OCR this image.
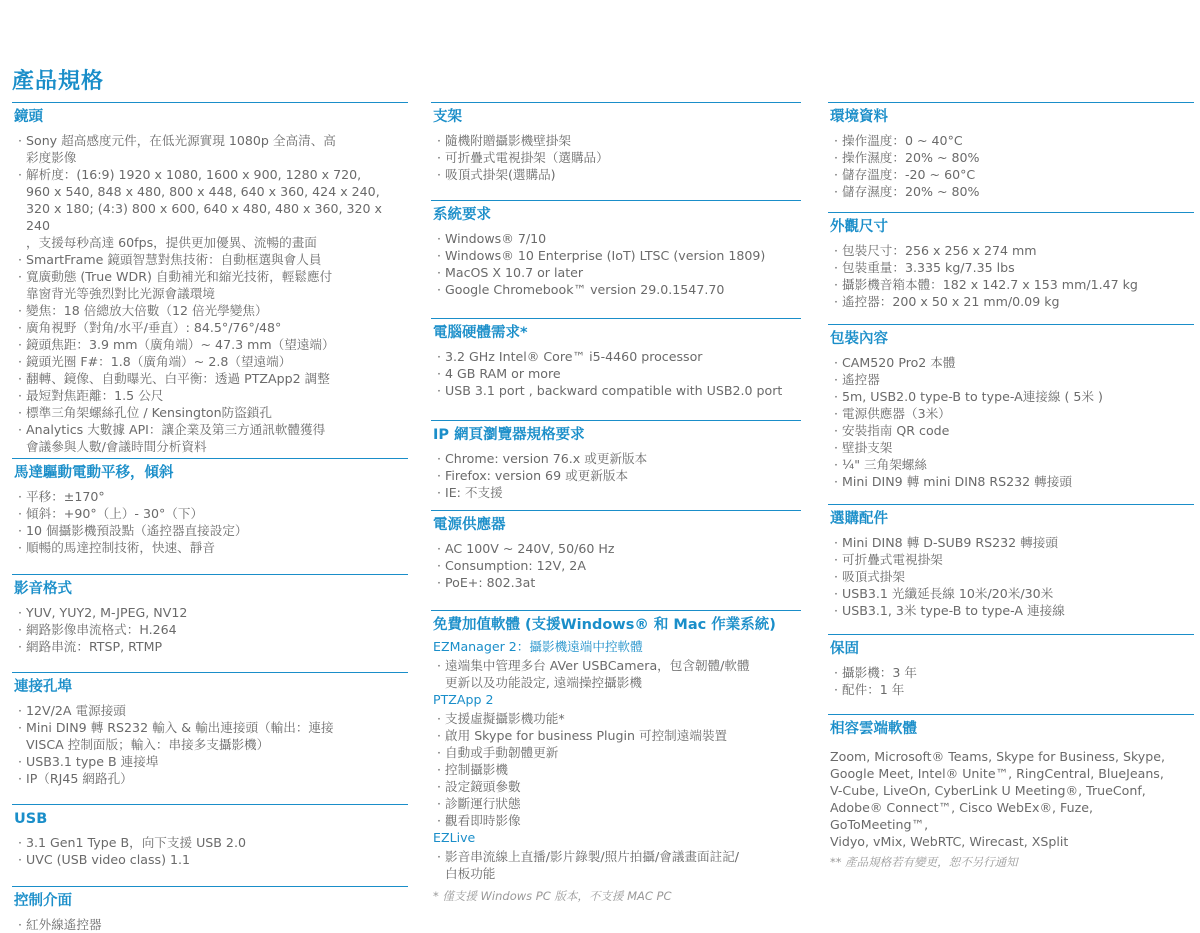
產品規格
鏡頭
· Sony 超高感度元件，在低光源實現 1080p 全高清、高
彩度影像
· 解析度：(16:9) 1920 x 1080, 1600 x 900, 1280 x 720,
960 x 540, 848 x 480, 800 x 448, 640 x 360, 424 x 240,
320 x 180; (4:3) 800 x 600, 640 x 480, 480 x 360, 320 x 240
，支援每秒高達 60fps，提供更加優異、流暢的畫面
· SmartFrame 鏡頭智慧對焦技術：自動框選與會人員
· 寬廣動態 (True WDR) 自動補光和縮光技術，輕鬆應付
靠窗背光等強烈對比光源會議環境
· 變焦：18 倍總放大倍數（12 倍光學變焦）
· 廣角視野（對角/水平/垂直）: 84.5°/76°/48°
· 鏡頭焦距：3.9 mm（廣角端）~ 47.3 mm（望遠端）
· 鏡頭光圈 F#：1.8（廣角端）~ 2.8（望遠端）
· 翻轉、鏡像、自動曝光、白平衡：透過 PTZApp2 調整
· 最短對焦距離：1.5 公尺
· 標準三角架螺絲孔位 / Kensington防盜鎖孔
· Analytics 大數據 API：讓企業及第三方通訊軟體獲得
會議參與人數/會議時間分析資料
馬達驅動電動平移，傾斜
· 平移：±170°
· 傾斜：+90°（上）- 30°（下）
· 10 個攝影機預設點（遙控器直接設定）
· 順暢的馬達控制技術，快速、靜音
影音格式
· YUV, YUY2, M-JPEG, NV12
· 網路影像串流格式：H.264
· 網路串流：RTSP, RTMP
連接孔埠
· 12V/2A 電源接頭
· Mini DIN9 轉 RS232 輸入 & 輸出連接頭（輸出：連接
VISCA 控制面版；輸入：串接多支攝影機）
· USB3.1 type B 連接埠
· IP（RJ45 網路孔）
USB
· 3.1 Gen1 Type B，向下支援 USB 2.0
· UVC (USB video class) 1.1
控制介面
· 紅外線遙控器
支架
· 隨機附贈攝影機壁掛架
· 可折疊式電視掛架（選購品）
· 吸頂式掛架(選購品)
系統要求
· Windows® 7/10
· Windows® 10 Enterprise (IoT) LTSC (version 1809)
· MacOS X 10.7 or later
· Google Chromebook™ version 29.0.1547.70
電腦硬體需求*
· 3.2 GHz Intel® Core™ i5-4460 processor
· 4 GB RAM or more
· USB 3.1 port , backward compatible with USB2.0 port
IP 網頁瀏覽器規格要求
· Chrome: version 76.x 或更新版本
· Firefox: version 69 或更新版本
· IE: 不支援
電源供應器
· AC 100V ~ 240V, 50/60 Hz
· Consumption: 12V, 2A
· PoE+: 802.3at
免費加值軟體 (支援Windows® 和 Mac 作業系統)
EZManager 2：攝影機遠端中控軟體
· 遠端集中管理多台 AVer USBCamera，包含韌體/軟體
更新以及功能設定, 遠端操控攝影機
PTZApp 2
· 支援虛擬攝影機功能*
· 啟用 Skype for business Plugin 可控制遠端裝置
· 自動或手動韌體更新
· 控制攝影機
· 設定鏡頭參數
· 診斷運行狀態
· 觀看即時影像
EZLive
· 影音串流線上直播/影片錄製/照片拍攝/會議畫面註記/
白板功能
* 僅支援 Windows PC 版本，不支援 MAC PC
環境資料
· 操作溫度：0 ~ 40°C
· 操作濕度：20% ~ 80%
· 儲存溫度：-20 ~ 60°C
· 儲存濕度：20% ~ 80%
外觀尺寸
· 包裝尺寸：256 x 256 x 274 mm
· 包裝重量：3.335 kg/7.35 lbs
· 攝影機音箱本體：182 x 142.7 x 153 mm/1.47 kg
· 遙控器：200 x 50 x 21 mm/0.09 kg
包裝內容
· CAM520 Pro2 本體
· 遙控器
· 5m, USB2.0 type-B to type-A連接線 ( 5米 )
· 電源供應器（3米）
· 安裝指南 QR code
· 壁掛支架
· ¼" 三角架螺絲
· Mini DIN9 轉 mini DIN8 RS232 轉接頭
選購配件
· Mini DIN8 轉 D-SUB9 RS232 轉接頭
· 可折疊式電視掛架
· 吸頂式掛架
· USB3.1 光纖延長線 10米/20米/30米
· USB3.1, 3米 type-B to type-A 連接線
保固
· 攝影機：3 年
· 配件：1 年
相容雲端軟體
Zoom, Microsoft® Teams, Skype for Business, Skype,
Google Meet, Intel® Unite™, RingCentral, BlueJeans,
V-Cube, LiveOn, CyberLink U Meeting®, TrueConf,
Adobe® Connect™, Cisco WebEx®, Fuze, GoToMeeting™,
Vidyo, vMix, WebRTC, Wirecast, XSplit
** 產品規格若有變更，恕不另行通知
